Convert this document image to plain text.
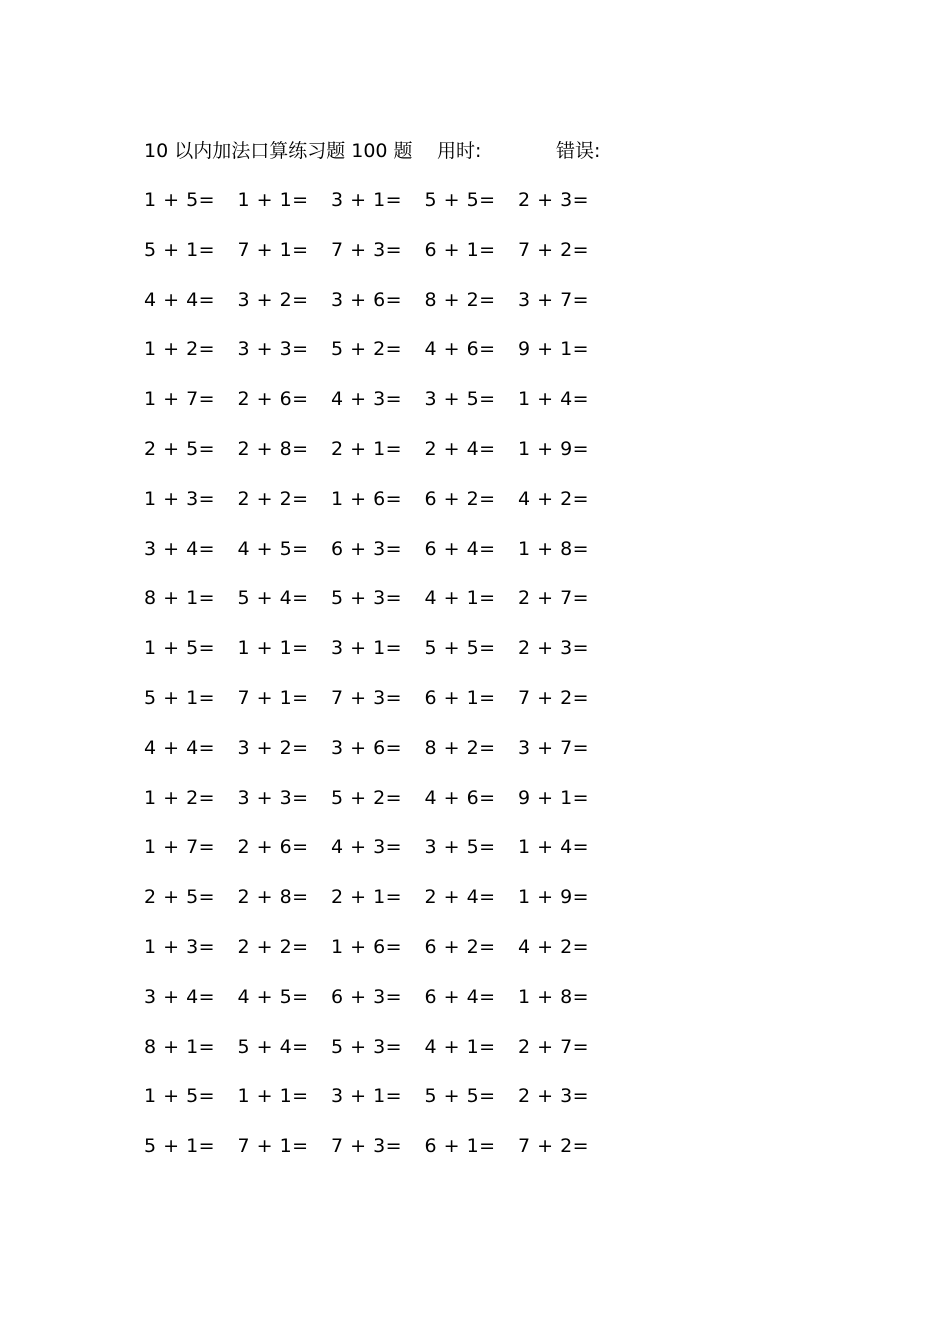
10 以内加法口算练习题 100 题 用时:	错误:
1 + 5= 1 + 1= 3 + 1= 5 + 5= 2 + 3=
5 + 1= 7 + 1= 7 + 3= 6 + 1= 7 + 2=
4 + 4= 3 + 2= 3 + 6= 8 + 2= 3 + 7=
1 + 2= 3 + 3= 5 + 2= 4 + 6= 9 + 1=
1 + 7= 2 + 6= 4 + 3= 3 + 5= 1 + 4=
2 + 5= 2 + 8= 2 + 1= 2 + 4= 1 + 9=
1 + 3= 2 + 2= 1 + 6= 6 + 2= 4 + 2=
3 + 4= 4 + 5= 6 + 3= 6 + 4= 1 + 8=
8 + 1= 5 + 4= 5 + 3= 4 + 1= 2 + 7=
1 + 5= 1 + 1= 3 + 1= 5 + 5= 2 + 3=
5 + 1= 7 + 1= 7 + 3= 6 + 1= 7 + 2=
4 + 4= 3 + 2= 3 + 6= 8 + 2= 3 + 7=
1 + 2= 3 + 3= 5 + 2= 4 + 6= 9 + 1=
1 + 7= 2 + 6= 4 + 3= 3 + 5= 1 + 4=
2 + 5= 2 + 8= 2 + 1= 2 + 4= 1 + 9=
1 + 3= 2 + 2= 1 + 6= 6 + 2= 4 + 2=
3 + 4= 4 + 5= 6 + 3= 6 + 4= 1 + 8=
8 + 1= 5 + 4= 5 + 3= 4 + 1= 2 + 7=
1 + 5= 1 + 1= 3 + 1= 5 + 5= 2 + 3=
5 + 1= 7 + 1= 7 + 3= 6 + 1= 7 + 2=
